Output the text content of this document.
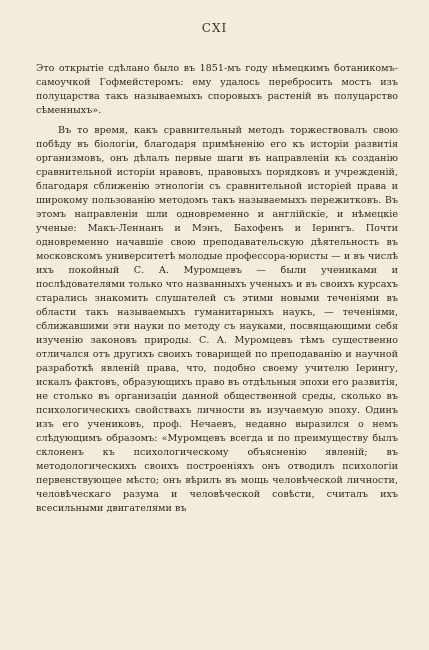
CXI

Это открытіе сдѣлано было въ 1851-мъ году нѣмецкимъ ботаникомъ-самоучкой Гофмейстеромъ: ему удалось перебросить мостъ изъ полуцарства такъ называемыхъ споровыхъ растеній въ полуцарство сѣменныхъ».

Въ то время, какъ сравнительный методъ торжествовалъ свою побѣду въ біологіи, благодаря примѣненію его къ исторіи развитія организмовъ, онъ дѣлалъ первые шаги въ направленіи къ созданію сравнительной исторіи нравовъ, правовыхъ порядковъ и учрежденій, благодаря сближенію этнологіи съ сравнительной исторіей права и широкому пользованію методомъ такъ называемыхъ пережитковъ. Въ этомъ направленіи шли одновременно и англійскіе, и нѣмецкіе ученые: Макъ-Леннанъ и Мэнъ, Бахофенъ и Іерингъ. Почти одновременно начавшіе свою преподавательскую дѣятельность въ московскомъ университетѣ молодые профессора-юристы — и въ числѣ ихъ покойный С. А. Муромцевъ — были учениками и послѣдователями только что названныхъ ученыхъ и въ своихъ курсахъ старались знакомить слушателей съ этими новыми теченіями въ области такъ называемыхъ гуманитарныхъ наукъ, — теченіями, сближавшими эти науки по методу съ науками, посвящающими себя изученію законовъ природы. С. А. Муромцевъ тѣмъ существенно отличался отъ другихъ своихъ товарищей по преподаванію и научной разработкѣ явленій права, что, подобно своему учителю Іерингу, искалъ фактовъ, образующихъ право въ отдѣльныя эпохи его развитія, не столько въ организаціи данной общественной среды, сколько въ психологическихъ свойствахъ личности въ изучаемую эпоху. Одинъ изъ его учениковъ, проф. Нечаевъ, недавно выразился о немъ слѣдующимъ образомъ: «Муромцевъ всегда и по преимуществу былъ склоненъ къ психологическому объясненію явленій; въ методологическихъ своихъ построеніяхъ онъ отводилъ психологіи первенствующее мѣсто; онъ вѣрилъ въ мощь человѣческой личности, человѣческаго разума и человѣческой совѣсти, считалъ ихъ всесильными двигателями въ
